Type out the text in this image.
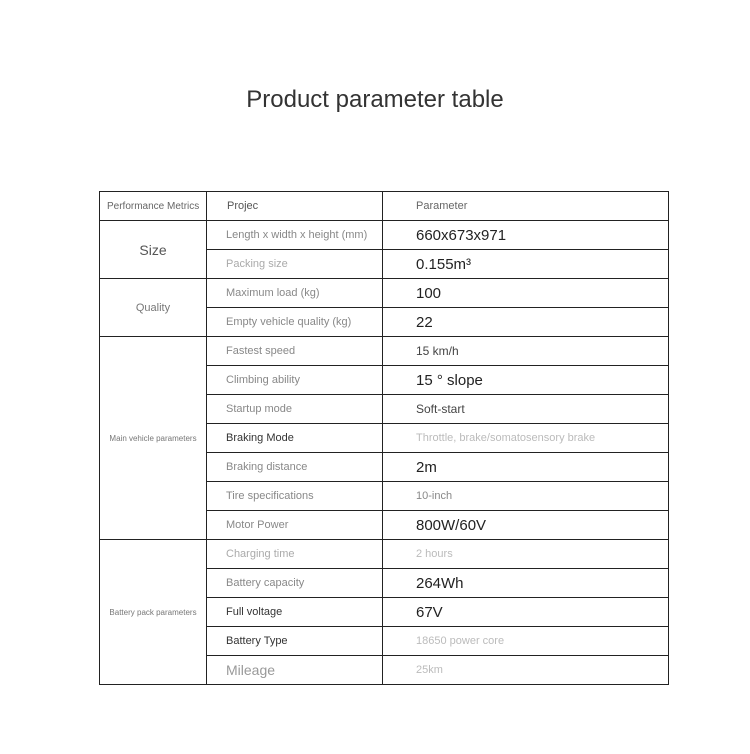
Product parameter table
Performance Metrics	Projec	Parameter
Size	Length x width x height (mm)	660x673x971
	Packing size	0.155m³
Quality	Maximum load (kg)	100
	Empty vehicle quality (kg)	22
Main vehicle parameters	Fastest speed	15 km/h
	Climbing ability	15 ° slope
	Startup mode	Soft-start
	Braking Mode	Throttle, brake/somatosensory brake
	Braking distance	2m
	Tire specifications	10-inch
	Motor Power	800W/60V
Battery pack parameters	Charging time	2 hours
	Battery capacity	264Wh
	Full voltage	67V
	Battery Type	18650 power core
	Mileage	25km
